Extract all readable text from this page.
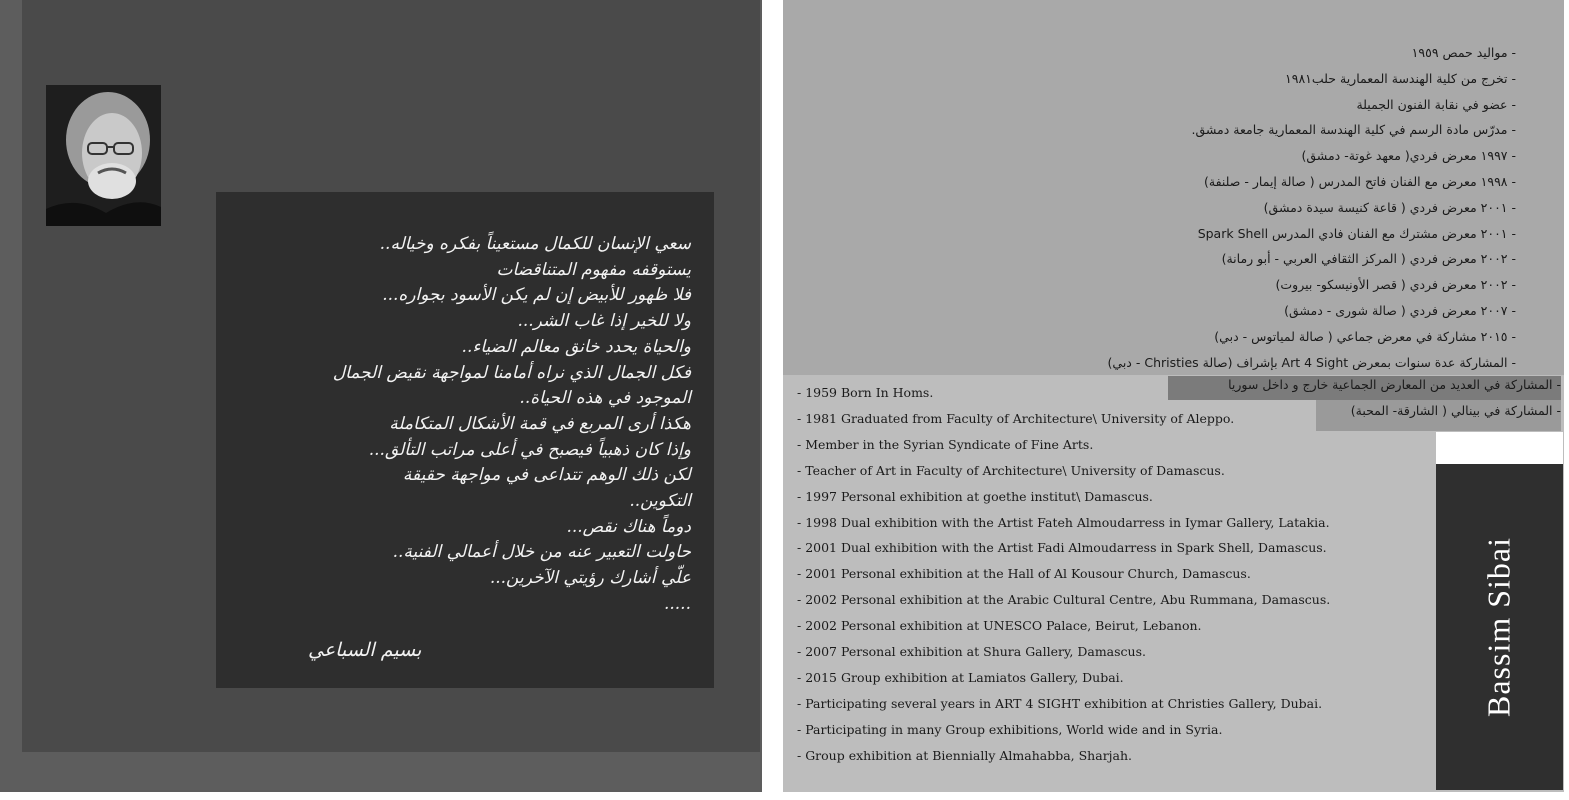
سعي الإنسان للكمال مستعيناً بفكره وخياله..
يستوقفه مفهوم المتناقضات
فلا ظهور للأبيض إن لم يكن الأسود بجواره...
ولا للخير إذا غاب الشر...
والحياة يحدد خانق معالم الضياء..
فكل الجمال الذي نراه أمامنا لمواجهة نقيض الجمال
الموجود في هذه الحياة..
هكذا أرى المربع في قمة الأشكال المتكاملة
وإذا كان ذهبياً فيصبح في أعلى مراتب التألق...
لكن ذلك الوهم تتداعى في مواجهة حقيقة
التكوين..
دوماً هناك نقص...
حاولت التعبير عنه من خلال أعمالي الفنية..
علّي أشارك رؤيتي الآخرين...
.....
بسيم السباعي
- مواليد حمص ١٩٥٩
- تخرج من كلية الهندسة المعمارية حلب١٩٨١
- عضو في نقابة الفنون الجميلة
- مدرّس مادة الرسم في كلية الهندسة المعمارية جامعة دمشق.
- ١٩٩٧ معرض فردي( معهد غوتة- دمشق)
- ١٩٩٨ معرض مع الفنان فاتح المدرس ( صالة إيمار - صلنفة)
- ٢٠٠١ معرض فردي ( قاعة كنيسة سيدة دمشق)
- ٢٠٠١ معرض مشترك مع الفنان فادي المدرس Spark Shell
- ٢٠٠٢ معرض فردي ( المركز الثقافي العربي - أبو رمانة)
- ٢٠٠٢ معرض فردي ( قصر الأونيسكو- بيروت)
- ٢٠٠٧ معرض فردي ( صالة شورى - دمشق)
- ٢٠١٥ مشاركة في معرض جماعي ( صالة لمياتوس - دبي)
- المشاركة عدة سنوات بمعرض Art 4 Sight بإشراف (صالة Christies - دبي)
- المشاركة في العديد من المعارض الجماعية خارج و داخل سوريا
- المشاركة في بينالي ( الشارقة- المحبة)
- 1959 Born In Homs.
- 1981 Graduated from Faculty of Architecture\ University of Aleppo.
- Member in the Syrian Syndicate of Fine Arts.
- Teacher of Art in Faculty of Architecture\ University of Damascus.
- 1997 Personal exhibition at goethe institut\ Damascus.
- 1998 Dual exhibition with the Artist Fateh Almoudarress in Iymar Gallery, Latakia.
- 2001 Dual exhibition with the Artist Fadi Almoudarress in Spark Shell, Damascus.
- 2001 Personal exhibition at the Hall of Al Kousour Church, Damascus.
- 2002 Personal exhibition at the Arabic Cultural Centre, Abu Rummana, Damascus.
- 2002 Personal exhibition at UNESCO Palace, Beirut, Lebanon.
- 2007 Personal exhibition at Shura Gallery, Damascus.
- 2015 Group exhibition at Lamiatos Gallery, Dubai.
- Participating several years in ART 4 SIGHT exhibition at Christies Gallery, Dubai.
- Participating in many Group exhibitions, World wide and in Syria.
- Group exhibition at Biennially Almahabba, Sharjah.
Bassim Sibai
